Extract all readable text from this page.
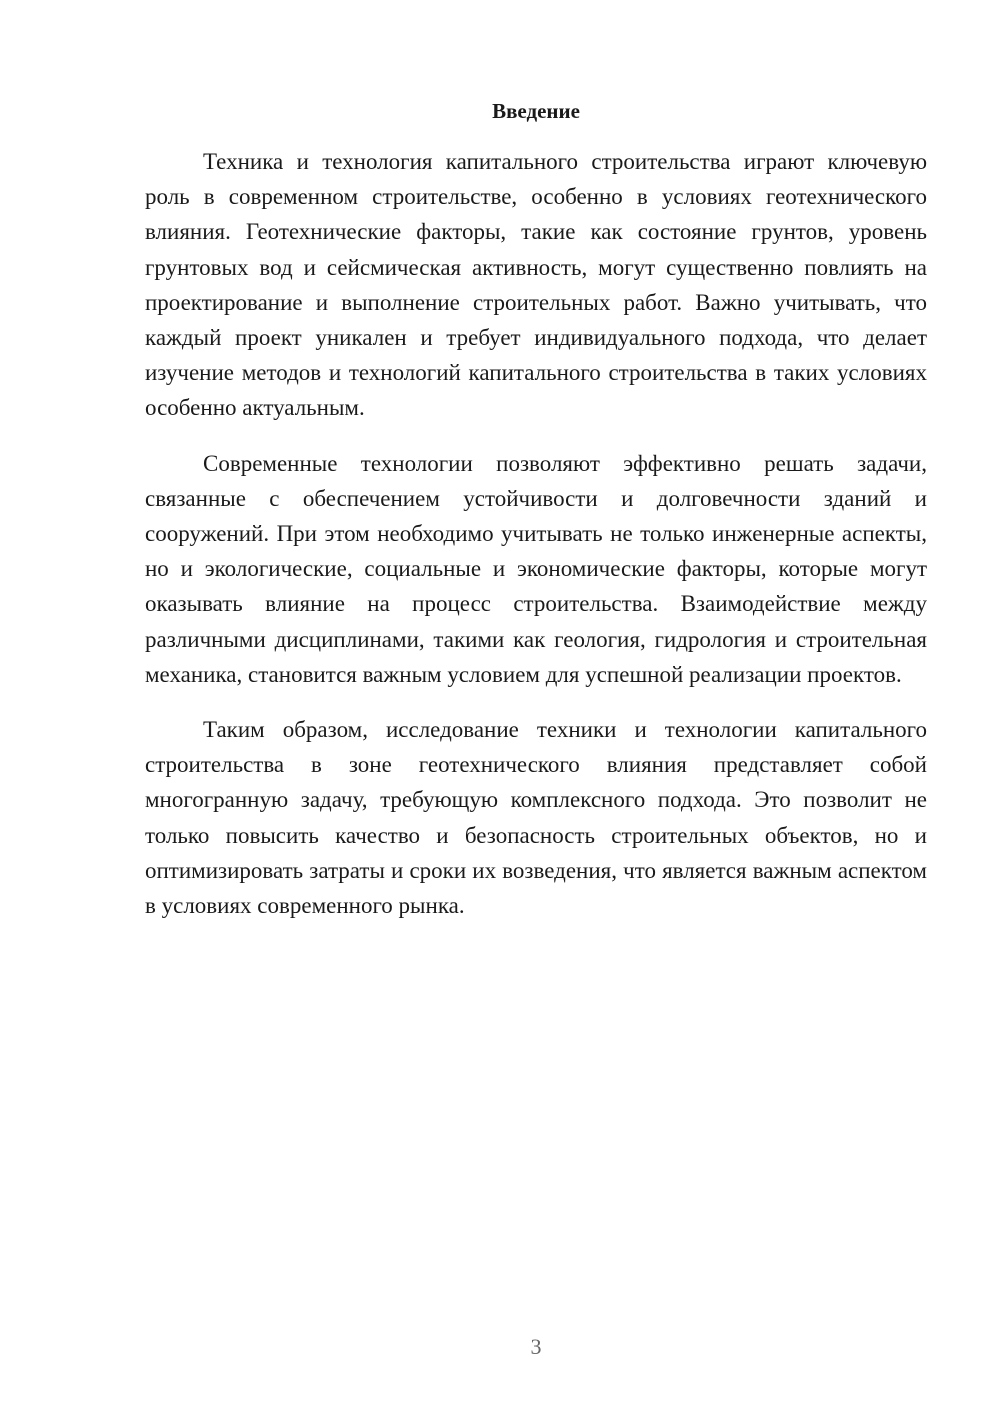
Введение

Техника и технология капитального строительства играют ключевую роль в современном строительстве, особенно в условиях геотехнического влияния. Геотехнические факторы, такие как состояние грунтов, уровень грунтовых вод и сейсмическая активность, могут существенно повлиять на проектирование и выполнение строительных работ. Важно учитывать, что каждый проект уникален и требует индивидуального подхода, что делает изучение методов и технологий капитального строительства в таких условиях особенно актуальным.

Современные технологии позволяют эффективно решать задачи, связанные с обеспечением устойчивости и долговечности зданий и сооружений. При этом необходимо учитывать не только инженерные аспекты, но и экологические, социальные и экономические факторы, которые могут оказывать влияние на процесс строительства. Взаимодействие между различными дисциплинами, такими как геология, гидрология и строительная механика, становится важным условием для успешной реализации проектов.

Таким образом, исследование техники и технологии капитального строительства в зоне геотехнического влияния представляет собой многогранную задачу, требующую комплексного подхода. Это позволит не только повысить качество и безопасность строительных объектов, но и оптимизировать затраты и сроки их возведения, что является важным аспектом в условиях современного рынка.

3
